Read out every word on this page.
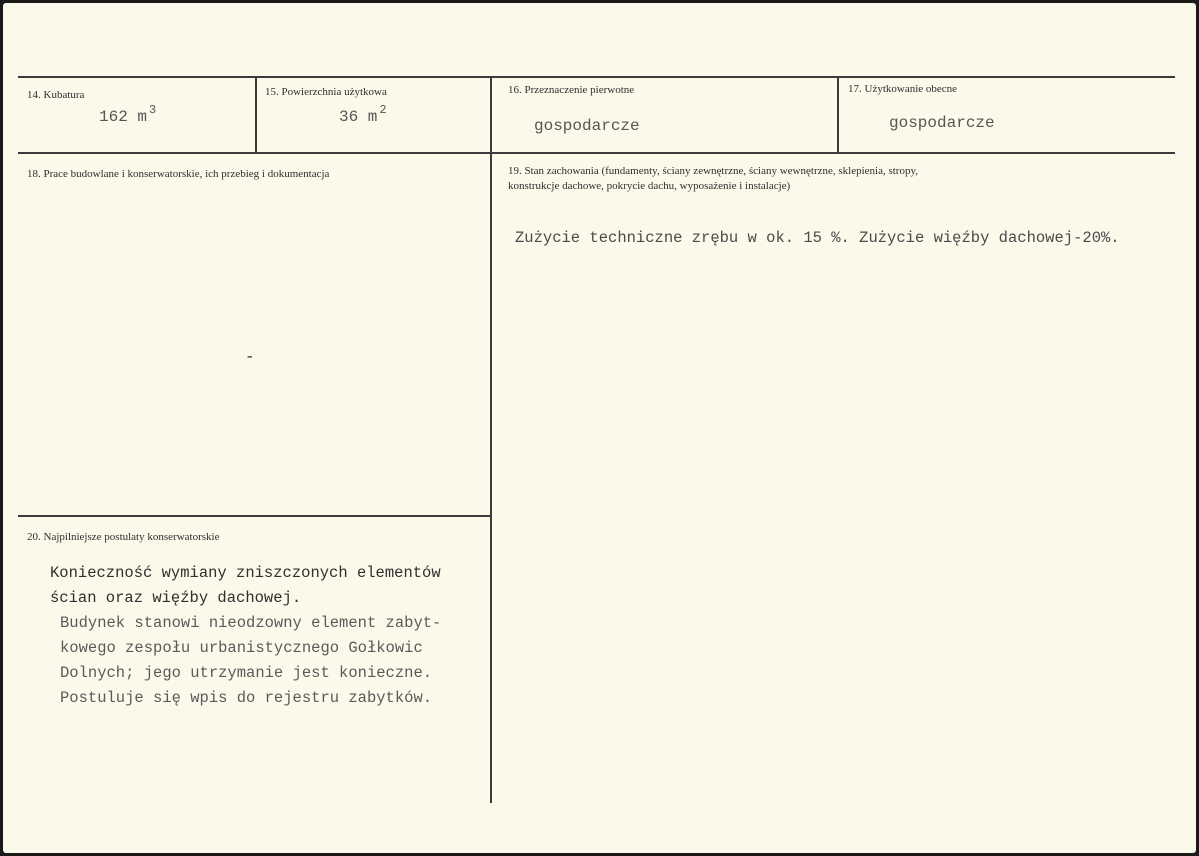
14. Kubatura
162 m $^3$
15. Powierzchnia użytkowa
36 m $^2$
16. Przeznaczenie pierwotne
gospodarcze
17. Użytkowanie obecne
gospodarcze
18. Prace budowlane i konserwatorskie, ich przebieg i dokumentacja
-
19. Stan zachowania (fundamenty, ściany zewnętrzne, ściany wewnętrzne, sklepienia, stropy,
konstrukcje dachowe, pokrycie dachu, wyposażenie i instalacje)
Zużycie techniczne zrębu w ok. 15 %. Zużycie więźby dachowej-20%.
20. Najpilniejsze postulaty konserwatorskie
Konieczność wymiany zniszczonych elementów
ścian oraz więźby dachowej.
Budynek stanowi nieodzowny element zabyt-
kowego zespołu urbanistycznego Gołkowic
Dolnych; jego utrzymanie jest konieczne.
Postuluje się wpis do rejestru zabytków.
